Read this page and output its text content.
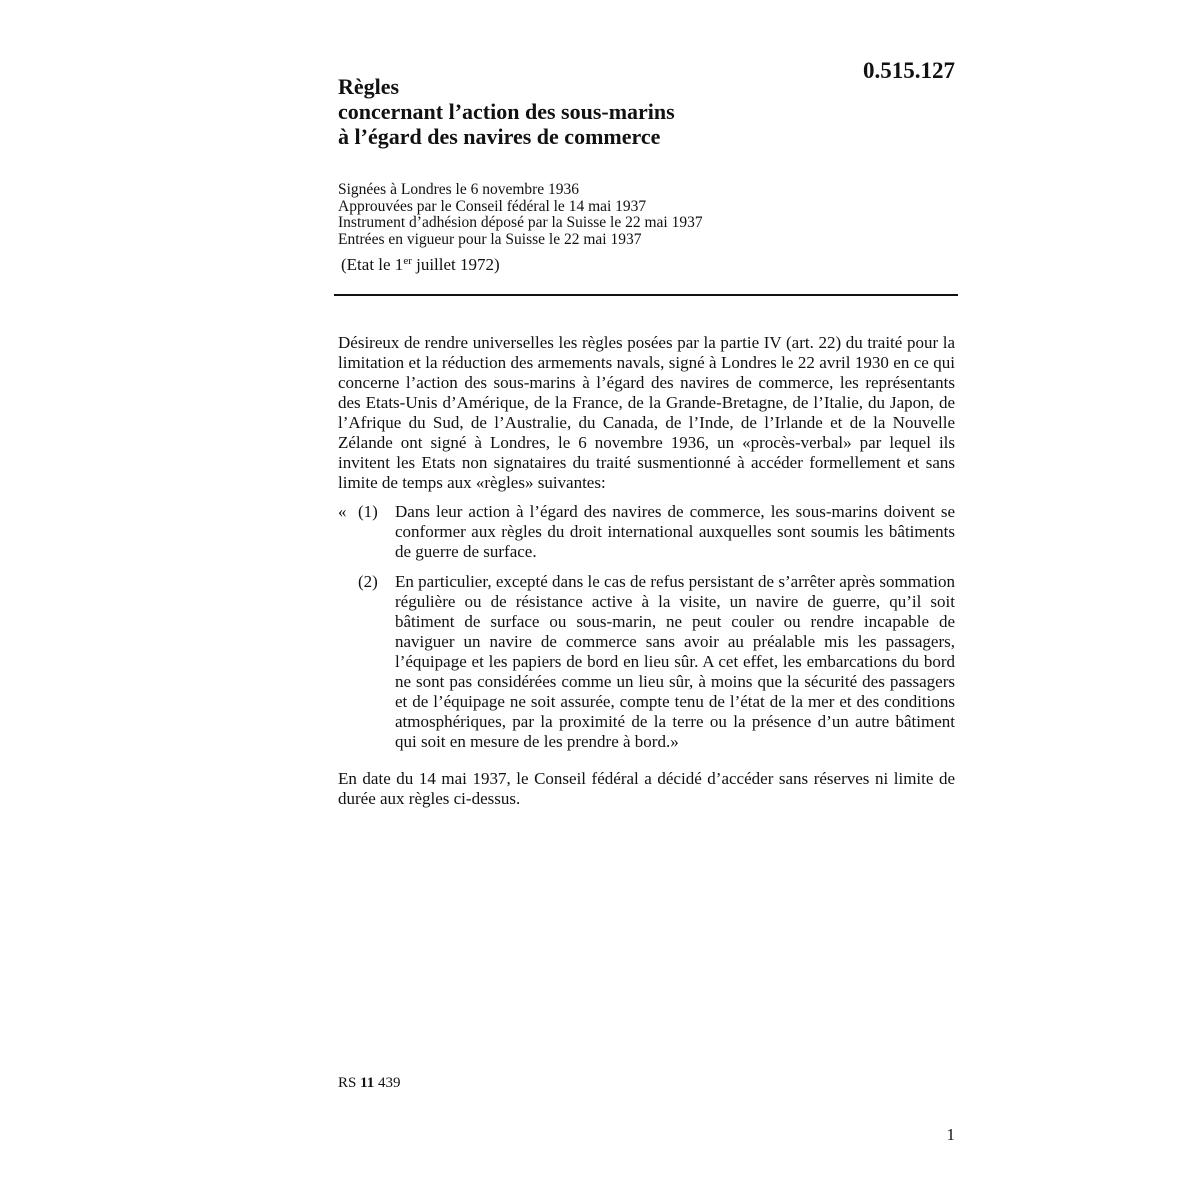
0.515.127
Règles
concernant l’action des sous-marins
à l’égard des navires de commerce
Signées à Londres le 6 novembre 1936
Approuvées par le Conseil fédéral le 14 mai 1937
Instrument d’adhésion déposé par la Suisse le 22 mai 1937
Entrées en vigueur pour la Suisse le 22 mai 1937
(Etat le 1er juillet 1972)
Désireux de rendre universelles les règles posées par la partie IV (art. 22) du traité pour la limitation et la réduction des armements navals, signé à Londres le 22 avril 1930 en ce qui concerne l’action des sous-marins à l’égard des navires de commerce, les représentants des Etats-Unis d’Amérique, de la France, de la Grande-Bretagne, de l’Italie, du Japon, de l’Afrique du Sud, de l’Australie, du Canada, de l’Inde, de l’Irlande et de la Nouvelle Zélande ont signé à Londres, le 6 novembre 1936, un «procès-verbal» par lequel ils invitent les Etats non signataires du traité susmentionné à accéder formellement et sans limite de temps aux «règles» suivantes:
« (1) Dans leur action à l’égard des navires de commerce, les sous-marins doivent se conformer aux règles du droit international auxquelles sont soumis les bâtiments de guerre de surface.
(2) En particulier, excepté dans le cas de refus persistant de s’arrêter après sommation régulière ou de résistance active à la visite, un navire de guerre, qu’il soit bâtiment de surface ou sous-marin, ne peut couler ou rendre incapable de naviguer un navire de commerce sans avoir au préalable mis les passagers, l’équipage et les papiers de bord en lieu sûr. A cet effet, les embarcations du bord ne sont pas considérées comme un lieu sûr, à moins que la sécurité des passagers et de l’équipage ne soit assurée, compte tenu de l’état de la mer et des conditions atmosphériques, par la proximité de la terre ou la présence d’un autre bâtiment qui soit en mesure de les prendre à bord.»
En date du 14 mai 1937, le Conseil fédéral a décidé d’accéder sans réserves ni limite de durée aux règles ci-dessus.
RS 11 439
1
